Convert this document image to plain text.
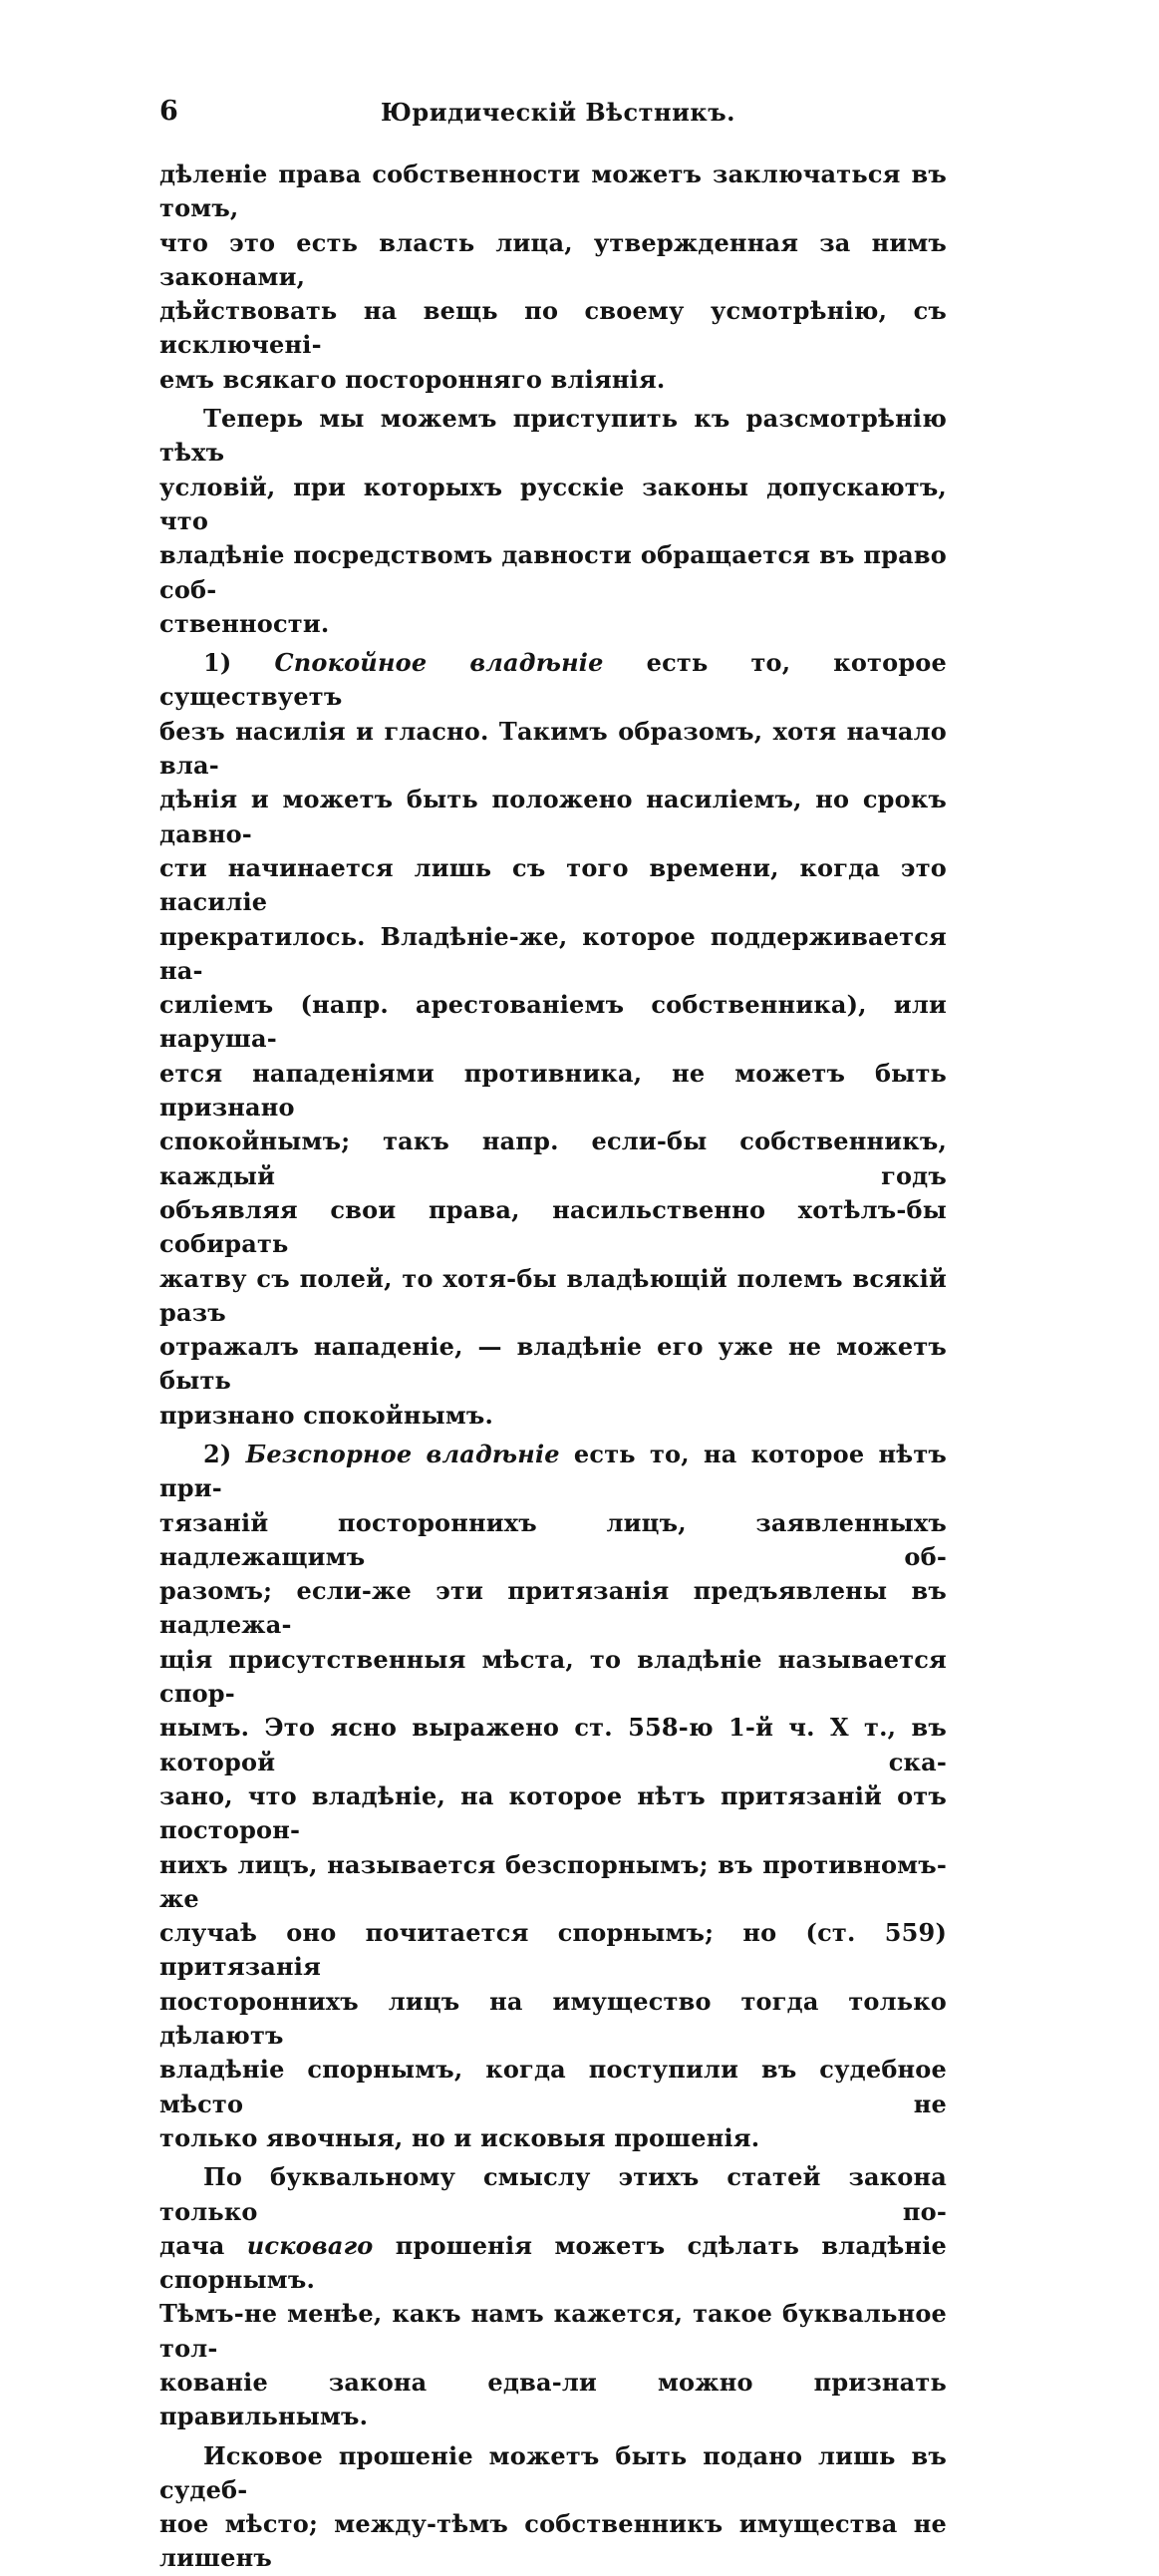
6	Юридическій Вѣстникъ.

дѣленіе права собственности можетъ заключаться въ томъ,

что это есть власть лица, утвержденная за нимъ законами,

дѣйствовать на вещь по своему усмотрѣнію, съ исключені-

емъ всякаго посторонняго вліянія.

Теперь мы можемъ приступить къ разсмотрѣнію тѣхъ

условій, при которыхъ русскіе законы допускаютъ, что

владѣніе посредствомъ давности обращается въ право соб-

ственности.

1) Спокойное владѣніе есть то, которое существуетъ

безъ насилія и гласно. Такимъ образомъ, хотя начало вла-

дѣнія и можетъ быть положено насиліемъ, но срокъ давно-

сти начинается лишь съ того времени, когда это насиліе

прекратилось. Владѣніе-же, которое поддерживается на-

силіемъ (напр. арестованіемъ собственника), или наруша-

ется нападеніями противника, не можетъ быть признано

спокойнымъ; такъ напр. если-бы собственникъ, каждый годъ

объявляя свои права, насильственно хотѣлъ-бы собирать

жатву съ полей, то хотя-бы владѣющій полемъ всякій разъ

отражалъ нападеніе, — владѣніе его уже не можетъ быть

признано спокойнымъ.

2) Безспорное владѣніе есть то, на которое нѣтъ при-

тязаній постороннихъ лицъ, заявленныхъ надлежащимъ об-

разомъ; если-же эти притязанія предъявлены въ надлежа-

щія присутственныя мѣста, то владѣніе называется спор-

нымъ. Это ясно выражено ст. 558-ю 1-й ч. X т., въ которой ска-

зано, что владѣніе, на которое нѣтъ притязаній отъ посторон-

нихъ лицъ, называется безспорнымъ; въ противномъ-же

случаѣ оно почитается спорнымъ; но (ст. 559) притязанія

постороннихъ лицъ на имущество тогда только дѣлаютъ

владѣніе спорнымъ, когда поступили въ судебное мѣсто не

только явочныя, но и исковыя прошенія.

По буквальному смыслу этихъ статей закона только по-

дача исковаго прошенія можетъ сдѣлать владѣніе спорнымъ.

Тѣмъ-не менѣе, какъ намъ кажется, такое буквальное тол-

кованіе закона едва-ли можно признать правильнымъ.

Исковое прошеніе можетъ быть подано лишь въ судеб-

ное мѣсто; между-тѣмъ собственникъ имущества не лишенъ
